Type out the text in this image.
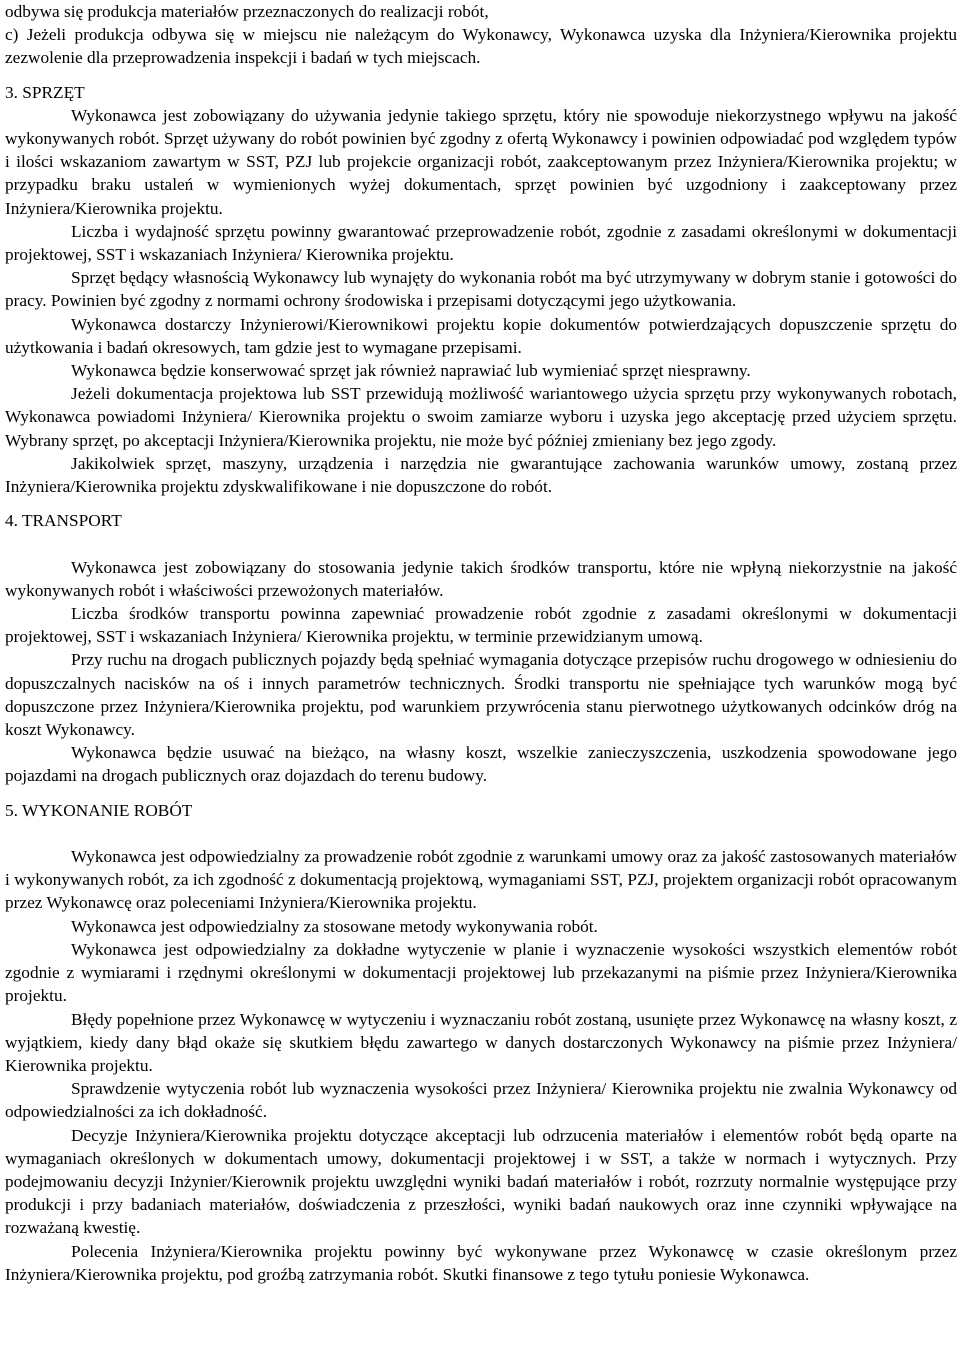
odbywa się produkcja materiałów przeznaczonych do realizacji robót,

c) Jeżeli produkcja odbywa się w miejscu nie należącym do Wykonawcy, Wykonawca uzyska dla Inżyniera/Kierownika projektu zezwolenie dla przeprowadzenia inspekcji i badań w tych miejscach.

3. SPRZĘT

Wykonawca jest zobowiązany do używania jedynie takiego sprzętu, który nie spowoduje niekorzystnego wpływu na jakość wykonywanych robót. Sprzęt używany do robót powinien być zgodny z ofertą Wykonawcy i powinien odpowiadać pod względem typów i ilości wskazaniom zawartym w SST, PZJ lub projekcie organizacji robót, zaakceptowanym przez Inżyniera/Kierownika projektu; w przypadku braku ustaleń w wymienionych wyżej dokumentach, sprzęt powinien być uzgodniony i zaakceptowany przez Inżyniera/Kierownika projektu.

Liczba i wydajność sprzętu powinny gwarantować przeprowadzenie robót, zgodnie z zasadami określonymi w dokumentacji projektowej, SST i wskazaniach Inżyniera/ Kierownika projektu.

Sprzęt będący własnością Wykonawcy lub wynajęty do wykonania robót ma być utrzymywany w dobrym stanie i gotowości do pracy. Powinien być zgodny z normami ochrony środowiska i przepisami dotyczącymi jego użytkowania.

Wykonawca dostarczy Inżynierowi/Kierownikowi projektu kopie dokumentów potwierdzających dopuszczenie sprzętu do użytkowania i badań okresowych, tam gdzie jest to wymagane przepisami.

Wykonawca będzie konserwować sprzęt jak również naprawiać lub wymieniać sprzęt niesprawny.

Jeżeli dokumentacja projektowa lub SST przewidują możliwość wariantowego użycia sprzętu przy wykonywanych robotach, Wykonawca powiadomi Inżyniera/ Kierownika projektu o swoim zamiarze wyboru i uzyska jego akceptację przed użyciem sprzętu. Wybrany sprzęt, po akceptacji Inżyniera/Kierownika projektu, nie może być później zmieniany bez jego zgody.

Jakikolwiek sprzęt, maszyny, urządzenia i narzędzia nie gwarantujące zachowania warunków umowy, zostaną przez Inżyniera/Kierownika projektu zdyskwalifikowane i nie dopuszczone do robót.

4. TRANSPORT

Wykonawca jest zobowiązany do stosowania jedynie takich środków transportu, które nie wpłyną niekorzystnie na jakość wykonywanych robót i właściwości przewożonych materiałów.

Liczba środków transportu powinna zapewniać prowadzenie robót zgodnie z zasadami określonymi w dokumentacji projektowej, SST i wskazaniach Inżyniera/ Kierownika projektu, w terminie przewidzianym umową.

Przy ruchu na drogach publicznych pojazdy będą spełniać wymagania dotyczące przepisów ruchu drogowego w odniesieniu do dopuszczalnych nacisków na oś i innych parametrów technicznych. Środki transportu nie spełniające tych warunków mogą być dopuszczone przez Inżyniera/Kierownika projektu, pod warunkiem przywrócenia stanu pierwotnego użytkowanych odcinków dróg na koszt Wykonawcy.

Wykonawca będzie usuwać na bieżąco, na własny koszt, wszelkie zanieczyszczenia, uszkodzenia spowodowane jego pojazdami na drogach publicznych oraz dojazdach do terenu budowy.

5. WYKONANIE ROBÓT

Wykonawca jest odpowiedzialny za prowadzenie robót zgodnie z warunkami umowy oraz za jakość zastosowanych materiałów i wykonywanych robót, za ich zgodność z dokumentacją projektową, wymaganiami SST, PZJ, projektem organizacji robót opracowanym przez Wykonawcę oraz poleceniami Inżyniera/Kierownika projektu.

Wykonawca jest odpowiedzialny za stosowane metody wykonywania robót.

Wykonawca jest odpowiedzialny za dokładne wytyczenie w planie i wyznaczenie wysokości wszystkich elementów robót zgodnie z wymiarami i rzędnymi określonymi w dokumentacji projektowej lub przekazanymi na piśmie przez Inżyniera/Kierownika projektu.

Błędy popełnione przez Wykonawcę w wytyczeniu i wyznaczaniu robót zostaną, usunięte przez Wykonawcę na własny koszt, z wyjątkiem, kiedy dany błąd okaże się skutkiem błędu zawartego w danych dostarczonych Wykonawcy na piśmie przez Inżyniera/ Kierownika projektu.

Sprawdzenie wytyczenia robót lub wyznaczenia wysokości przez Inżyniera/ Kierownika projektu nie zwalnia Wykonawcy od odpowiedzialności za ich dokładność.

Decyzje Inżyniera/Kierownika projektu dotyczące akceptacji lub odrzucenia materiałów i elementów robót będą oparte na wymaganiach określonych w dokumentach umowy, dokumentacji projektowej i w SST, a także w normach i wytycznych. Przy podejmowaniu decyzji Inżynier/Kierownik projektu uwzględni wyniki badań materiałów i robót, rozrzuty normalnie występujące przy produkcji i przy badaniach materiałów, doświadczenia z przeszłości, wyniki badań naukowych oraz inne czynniki wpływające na rozważaną kwestię.

Polecenia Inżyniera/Kierownika projektu powinny być wykonywane przez Wykonawcę w czasie określonym przez Inżyniera/Kierownika projektu, pod groźbą zatrzymania robót. Skutki finansowe z tego tytułu poniesie Wykonawca.
